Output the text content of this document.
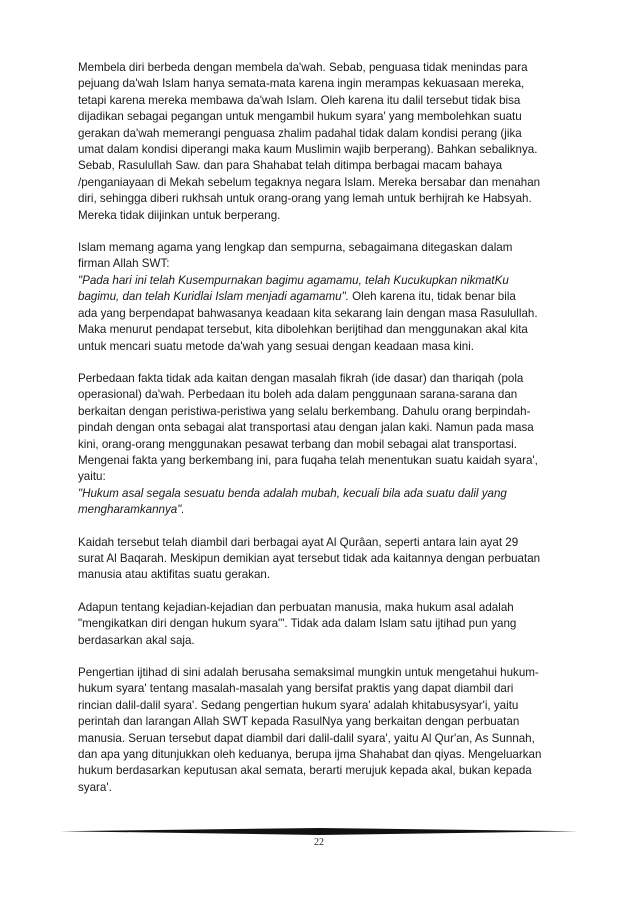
Membela diri berbeda dengan membela da'wah. Sebab, penguasa tidak menindas para
pejuang da'wah Islam hanya semata-mata karena ingin merampas kekuasaan mereka,
tetapi karena mereka membawa da'wah Islam. Oleh karena itu dalil tersebut tidak bisa
dijadikan sebagai pegangan untuk mengambil hukum syara' yang membolehkan suatu
gerakan da'wah memerangi penguasa zhalim padahal tidak dalam kondisi perang (jika
umat dalam kondisi diperangi maka kaum Muslimin wajib berperang). Bahkan sebaliknya.
Sebab, Rasulullah Saw. dan para Shahabat telah ditimpa berbagai macam bahaya
/penganiayaan di Mekah sebelum tegaknya negara Islam. Mereka bersabar dan menahan
diri, sehingga diberi rukhsah untuk orang-orang yang lemah untuk berhijrah ke Habsyah.
Mereka tidak diijinkan untuk berperang.

Islam memang agama yang lengkap dan sempurna, sebagaimana ditegaskan dalam
firman Allah SWT:
"Pada hari ini telah Kusempurnakan bagimu agamamu, telah Kucukupkan nikmatKu
bagimu, dan telah Kuridlai Islam menjadi agamamu". Oleh karena itu, tidak benar bila
ada yang berpendapat bahwasanya keadaan kita sekarang lain dengan masa Rasulullah.
Maka menurut pendapat tersebut, kita dibolehkan berijtihad dan menggunakan akal kita
untuk mencari suatu metode da'wah yang sesuai dengan keadaan masa kini.

Perbedaan fakta tidak ada kaitan dengan masalah fikrah (ide dasar) dan thariqah (pola
operasional) da'wah. Perbedaan itu boleh ada dalam penggunaan sarana-sarana dan
berkaitan dengan peristiwa-peristiwa yang selalu berkembang. Dahulu orang berpindah-
pindah dengan onta sebagai alat transportasi atau dengan jalan kaki. Namun pada masa
kini, orang-orang menggunakan pesawat terbang dan mobil sebagai alat transportasi.
Mengenai fakta yang berkembang ini, para fuqaha telah menentukan suatu kaidah syara',
yaitu:
"Hukum asal segala sesuatu benda adalah mubah, kecuali bila ada suatu dalil yang
mengharamkannya".

Kaidah tersebut telah diambil dari berbagai ayat Al Qurâan, seperti antara lain ayat 29
surat Al Baqarah. Meskipun demikian ayat tersebut tidak ada kaitannya dengan perbuatan
manusia atau aktifitas suatu gerakan.

Adapun tentang kejadian-kejadian dan perbuatan manusia, maka hukum asal adalah
"mengikatkan diri dengan hukum syara'". Tidak ada dalam Islam satu ijtihad pun yang
berdasarkan akal saja.

Pengertian ijtihad di sini adalah berusaha semaksimal mungkin untuk mengetahui hukum-
hukum syara' tentang masalah-masalah yang bersifat praktis yang dapat diambil dari
rincian dalil-dalil syara'. Sedang pengertian hukum syara' adalah khitabusysyar'i, yaitu
perintah dan larangan Allah SWT kepada RasulNya yang berkaitan dengan perbuatan
manusia. Seruan tersebut dapat diambil dari dalil-dalil syara', yaitu Al Qur'an, As Sunnah,
dan apa yang ditunjukkan oleh keduanya, berupa ijma Shahabat dan qiyas. Mengeluarkan
hukum berdasarkan keputusan akal semata, berarti merujuk kepada akal, bukan kepada
syara'.

22
